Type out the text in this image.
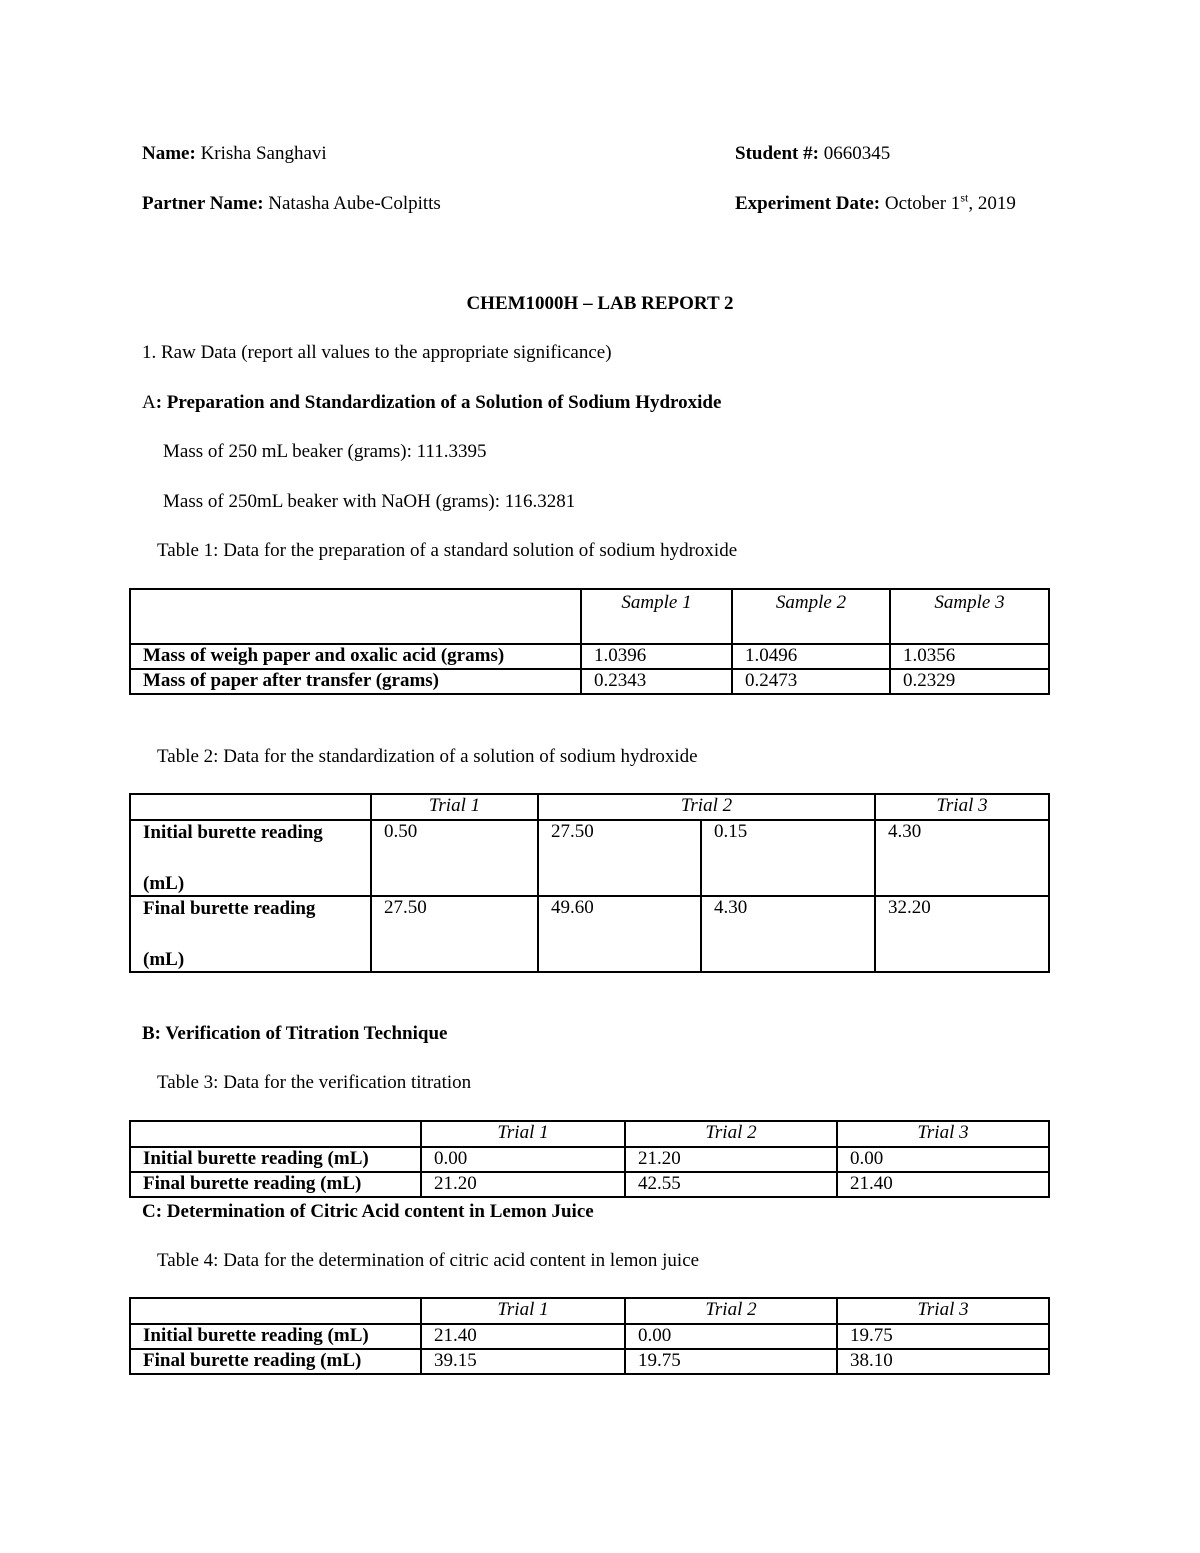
Name: Krisha Sanghavi	Student #: 0660345
Partner Name: Natasha Aube-Colpitts	Experiment Date: October 1st, 2019
CHEM1000H – LAB REPORT 2
1. Raw Data (report all values to the appropriate significance)
A: Preparation and Standardization of a Solution of Sodium Hydroxide
Mass of 250 mL beaker (grams): 111.3395
Mass of 250mL beaker with NaOH (grams): 116.3281
Table 1: Data for the preparation of a standard solution of sodium hydroxide
	Sample 1	Sample 2	Sample 3
Mass of weigh paper and oxalic acid (grams)	1.0396	1.0496	1.0356
Mass of paper after transfer (grams)	0.2343	0.2473	0.2329
Table 2: Data for the standardization of a solution of sodium hydroxide
	Trial 1	Trial 2		Trial 3

Initial burette reading
(mL)	0.50	27.50	0.15	4.30

Final burette reading
(mL)	27.50	49.60	4.30	32.20
B: Verification of Titration Technique
Table 3: Data for the verification titration
	Trial 1	Trial 2	Trial 3
Initial burette reading (mL)	0.00	21.20	0.00
Final burette reading (mL)	21.20	42.55	21.40
C: Determination of Citric Acid content in Lemon Juice
Table 4: Data for the determination of citric acid content in lemon juice
	Trial 1	Trial 2	Trial 3
Initial burette reading (mL)	21.40	0.00	19.75
Final burette reading (mL)	39.15	19.75	38.10
